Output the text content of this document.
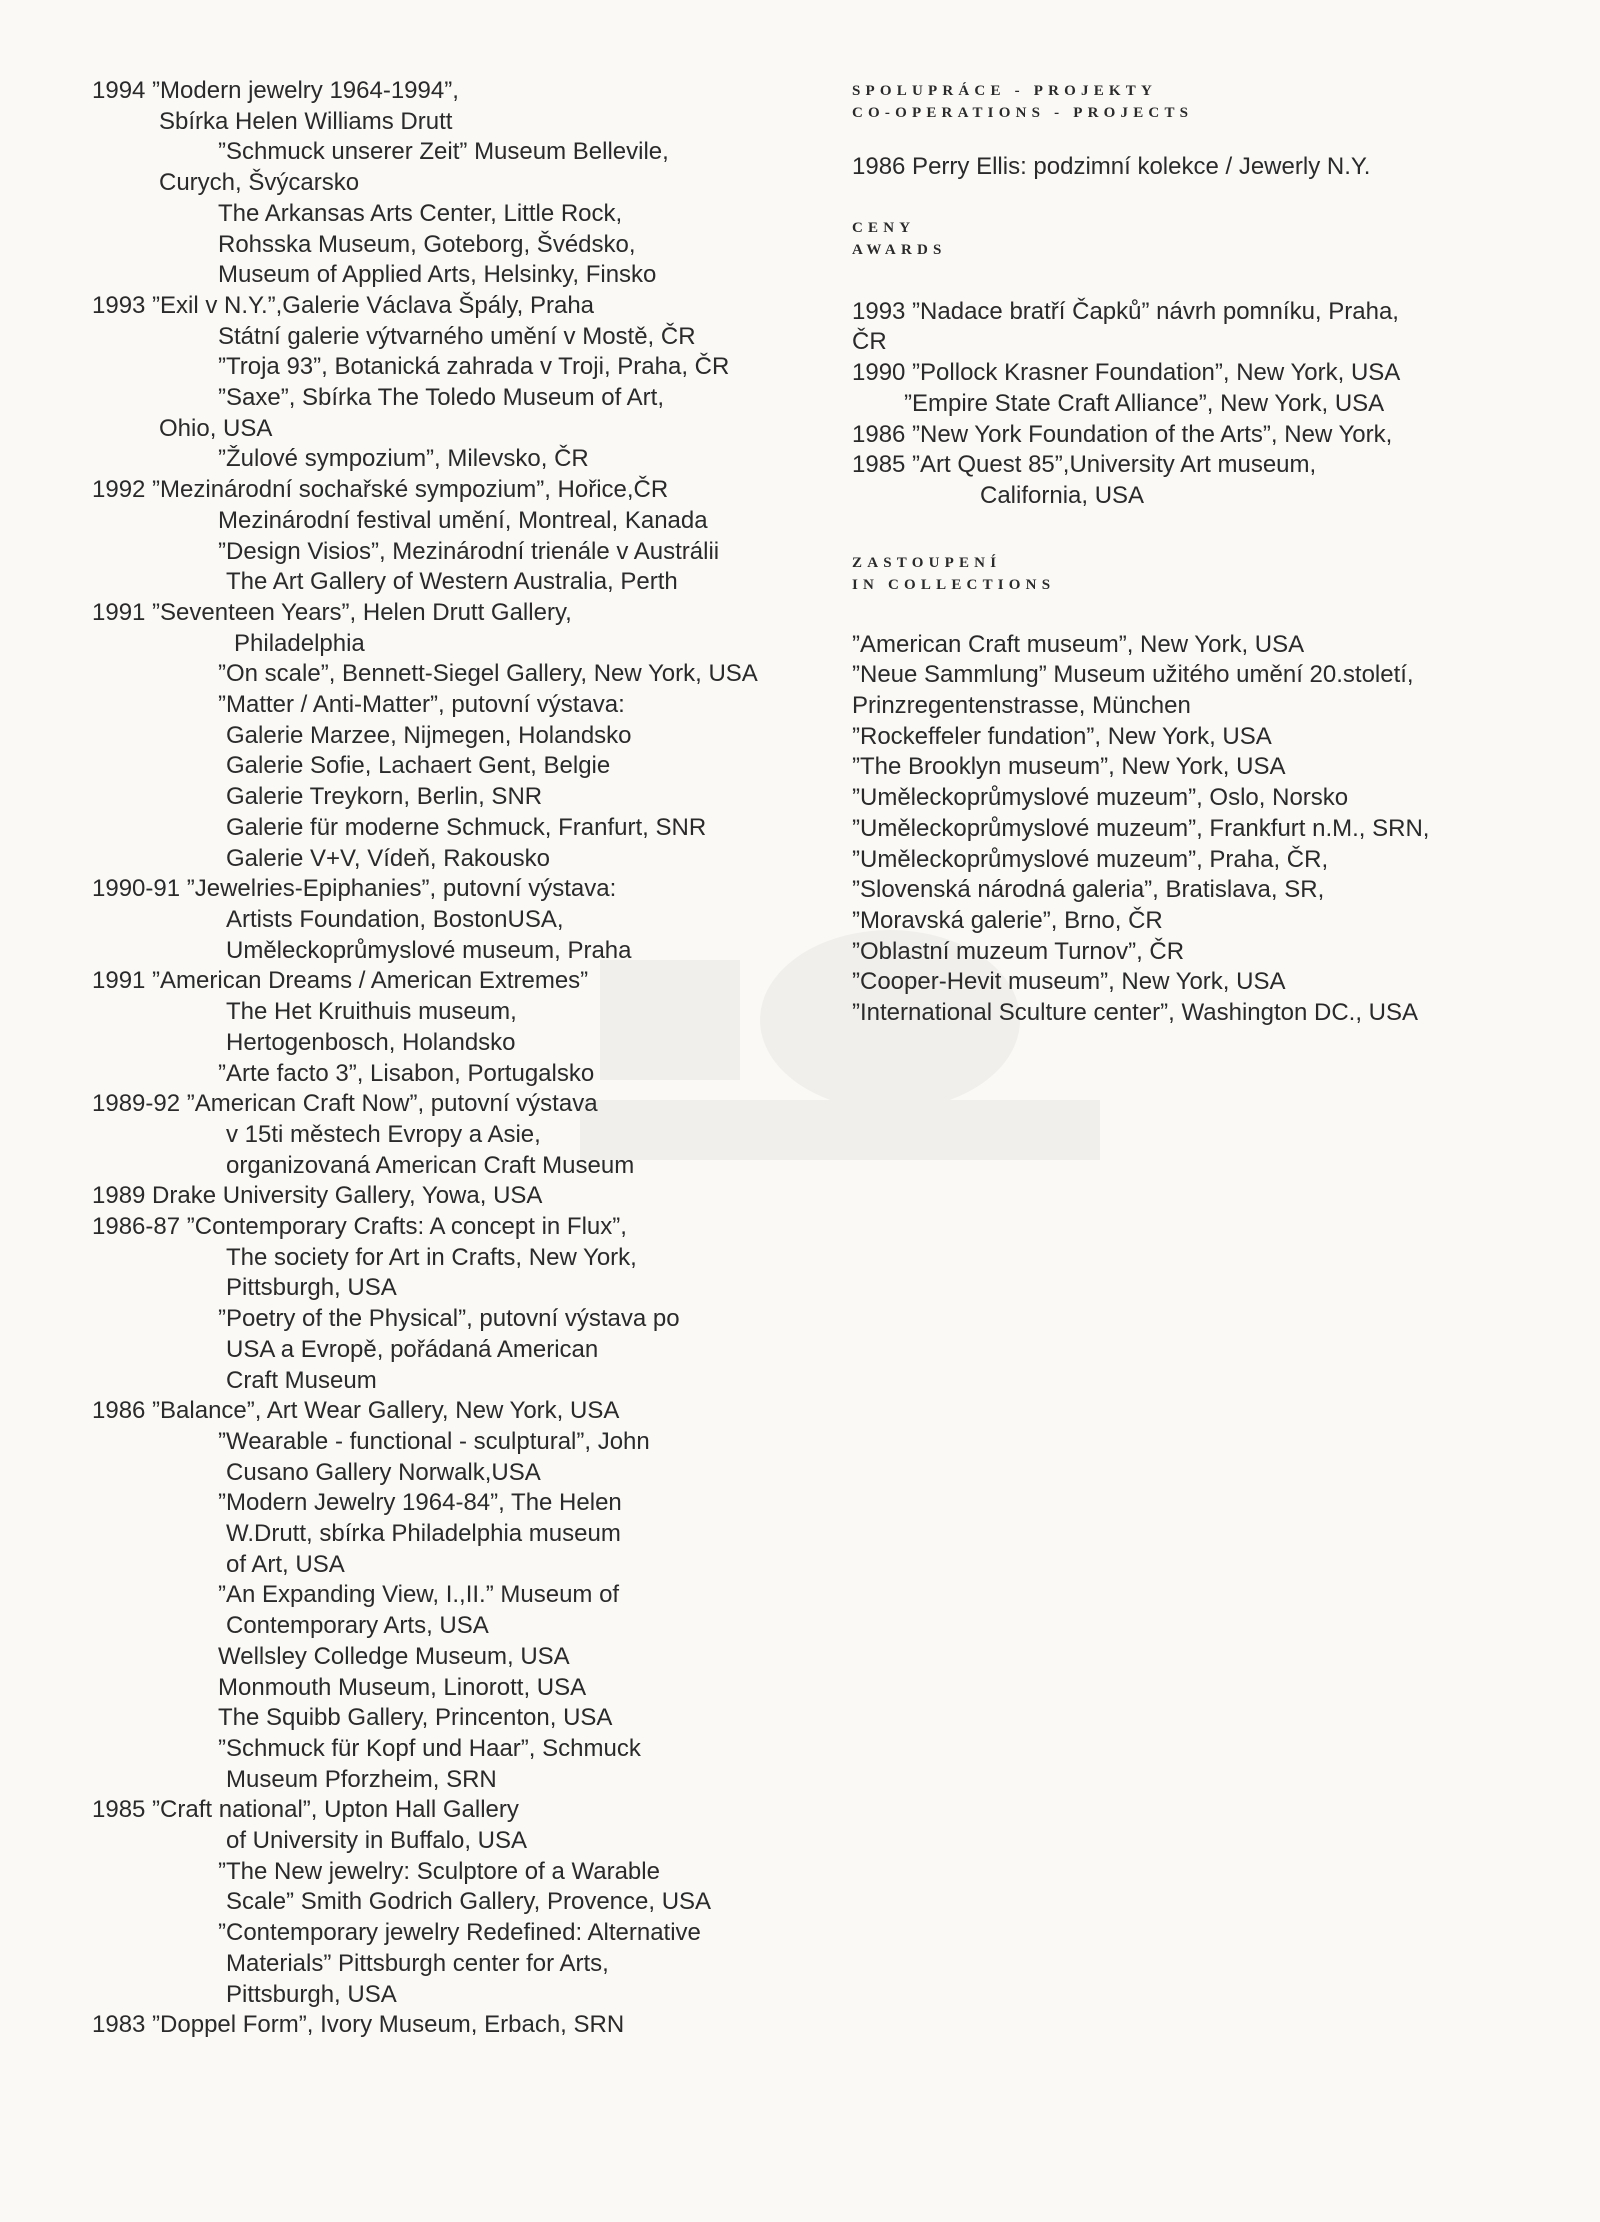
1994 ”Modern jewelry 1964-1994”,
Sbírka Helen Williams Drutt
”Schmuck unserer Zeit” Museum Bellevile,
Curych, Švýcarsko
The Arkansas Arts Center, Little Rock,
Rohsska Museum, Goteborg, Švédsko,
Museum of Applied Arts, Helsinky, Finsko
1993 ”Exil v N.Y.”,Galerie Václava Špály, Praha
Státní galerie výtvarného umění v Mostě, ČR
”Troja 93”, Botanická zahrada v Troji, Praha, ČR
”Saxe”, Sbírka The Toledo Museum of Art,
Ohio, USA
”Žulové sympozium”, Milevsko, ČR
1992 ”Mezinárodní sochařské sympozium”, Hořice,ČR
Mezinárodní festival umění, Montreal, Kanada
”Design Visios”, Mezinárodní trienále v Austrálii
The Art Gallery of Western Australia, Perth
1991 ”Seventeen Years”, Helen Drutt Gallery,
Philadelphia
”On scale”, Bennett-Siegel Gallery, New York, USA
”Matter / Anti-Matter”, putovní výstava:
Galerie Marzee, Nijmegen, Holandsko
Galerie Sofie, Lachaert Gent, Belgie
Galerie Treykorn, Berlin, SNR
Galerie für moderne Schmuck, Franfurt, SNR
Galerie V+V, Vídeň, Rakousko
1990-91 ”Jewelries-Epiphanies”, putovní výstava:
Artists Foundation, BostonUSA,
Uměleckoprůmyslové museum, Praha
1991 ”American Dreams / American Extremes”
The Het Kruithuis museum,
Hertogenbosch, Holandsko
”Arte facto 3”, Lisabon, Portugalsko
1989-92 ”American Craft Now”, putovní výstava
v 15ti městech Evropy a Asie,
organizovaná American Craft Museum
1989 Drake University Gallery, Yowa, USA
1986-87 ”Contemporary Crafts: A concept in Flux”,
The society for Art in Crafts, New York,
Pittsburgh, USA
”Poetry of the Physical”, putovní výstava po
USA a Evropě, pořádaná American
Craft Museum
1986 ”Balance”, Art Wear Gallery, New York, USA
”Wearable - functional - sculptural”, John
Cusano Gallery Norwalk,USA
”Modern Jewelry 1964-84”, The Helen
W.Drutt, sbírka Philadelphia museum
of Art, USA
”An Expanding View, I.,II.” Museum of
Contemporary Arts, USA
Wellsley Colledge Museum, USA
Monmouth Museum, Linorott, USA
The Squibb Gallery, Princenton, USA
”Schmuck für Kopf und Haar”, Schmuck
Museum Pforzheim, SRN
1985 ”Craft national”, Upton Hall Gallery
of University in Buffalo, USA
”The New jewelry: Sculptore of a Warable
Scale” Smith Godrich Gallery, Provence, USA
”Contemporary jewelry Redefined: Alternative
Materials” Pittsburgh center for Arts,
Pittsburgh, USA
1983 ”Doppel Form”, Ivory Museum, Erbach, SRN
SPOLUPRÁCE - PROJEKTY
CO-OPERATIONS - PROJECTS
1986 Perry Ellis: podzimní kolekce / Jewerly N.Y.
CENY
AWARDS
1993 ”Nadace bratří Čapků” návrh pomníku, Praha,
ČR
1990 ”Pollock Krasner Foundation”, New York, USA
”Empire State Craft Alliance”, New York, USA
1986 ”New York Foundation of the Arts”, New York,
1985 ”Art Quest 85”,University Art museum,
California, USA
ZASTOUPENÍ
IN COLLECTIONS
”American Craft museum”, New York, USA
”Neue Sammlung” Museum užitého umění 20.století,
Prinzregentenstrasse, München
”Rockeffeler fundation”, New York, USA
”The Brooklyn museum”, New York, USA
”Uměleckoprůmyslové muzeum”, Oslo, Norsko
”Uměleckoprůmyslové muzeum”, Frankfurt n.M., SRN,
”Uměleckoprůmyslové muzeum”, Praha, ČR,
”Slovenská národná galeria”, Bratislava, SR,
”Moravská galerie”, Brno, ČR
”Oblastní muzeum Turnov”, ČR
”Cooper-Hevit museum”, New York, USA
”International Sculture center”, Washington DC., USA
